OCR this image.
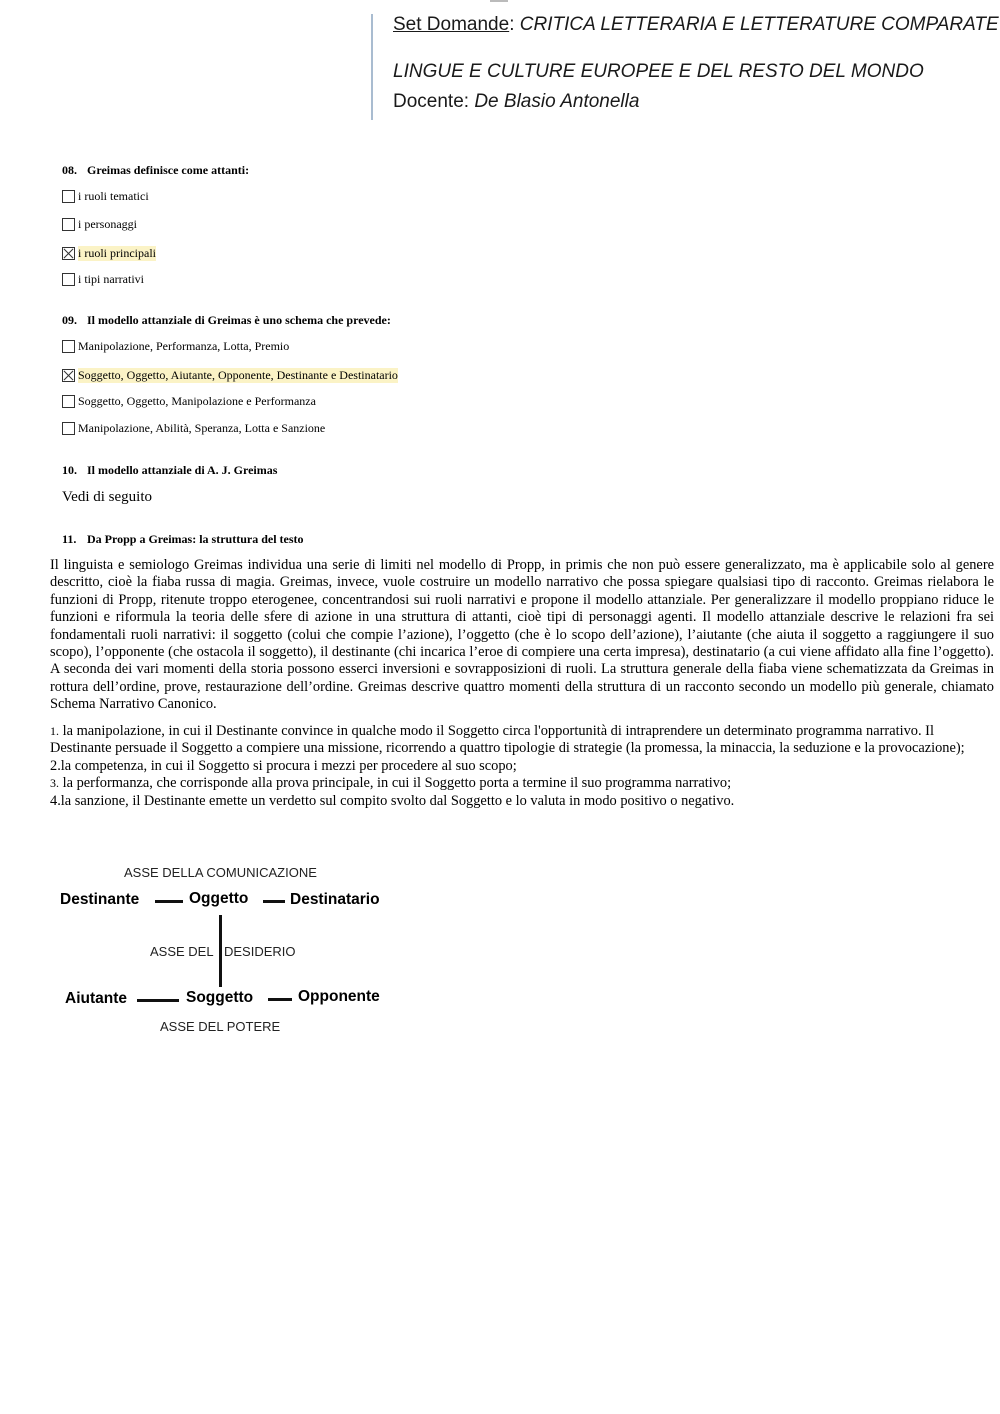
Set Domande: CRITICA LETTERARIA E LETTERATURE COMPARATE
LINGUE E CULTURE EUROPEE E DEL RESTO DEL MONDO
Docente: De Blasio Antonella
08. Greimas definisce come attanti:
i ruoli tematici
i personaggi
i ruoli principali
i tipi narrativi
09. Il modello attanziale di Greimas è uno schema che prevede:
Manipolazione, Performanza, Lotta, Premio
Soggetto, Oggetto, Aiutante, Opponente, Destinante e Destinatario
Soggetto, Oggetto, Manipolazione e Performanza
Manipolazione, Abilità, Speranza, Lotta e Sanzione
10. Il modello attanziale di A. J. Greimas
Vedi di seguito
11. Da Propp a Greimas: la struttura del testo
Il linguista e semiologo Greimas individua una serie di limiti nel modello di Propp, in primis che non può essere generalizzato, ma è applicabile solo al genere descritto, cioè la fiaba russa di magia. Greimas, invece, vuole costruire un modello narrativo che possa spiegare qualsiasi tipo di racconto. Greimas rielabora le funzioni di Propp, ritenute troppo eterogenee, concentrandosi sui ruoli narrativi e propone il modello attanziale. Per generalizzare il modello proppiano riduce le funzioni e riformula la teoria delle sfere di azione in una struttura di attanti, cioè tipi di personaggi agenti. Il modello attanziale descrive le relazioni fra sei fondamentali ruoli narrativi: il soggetto (colui che compie l’azione), l’oggetto (che è lo scopo dell’azione), l’aiutante (che aiuta il soggetto a raggiungere il suo scopo), l’opponente (che ostacola il soggetto), il destinante (chi incarica l’eroe di compiere una certa impresa), destinatario (a cui viene affidato alla fine l’oggetto). A seconda dei vari momenti della storia possono esserci inversioni e sovrapposizioni di ruoli. La struttura generale della fiaba viene schematizzata da Greimas in rottura dell’ordine, prove, restaurazione dell’ordine. Greimas descrive quattro momenti della struttura di un racconto secondo un modello più generale, chiamato Schema Narrativo Canonico.
1. la manipolazione, in cui il Destinante convince in qualche modo il Soggetto circa l'opportunità di intraprendere un determinato programma narrativo. Il Destinante persuade il Soggetto a compiere una missione, ricorrendo a quattro tipologie di strategie (la promessa, la minaccia, la seduzione e la provocazione);
2.la competenza, in cui il Soggetto si procura i mezzi per procedere al suo scopo;
3. la performanza, che corrisponde alla prova principale, in cui il Soggetto porta a termine il suo programma narrativo;
4.la sanzione, il Destinante emette un verdetto sul compito svolto dal Soggetto e lo valuta in modo positivo o negativo.
ASSE DELLA COMUNICAZIONE
Destinante	Oggetto	Destinatario
ASSE DEL DESIDERIO
Aiutante	Soggetto	Opponente
ASSE DEL POTERE
